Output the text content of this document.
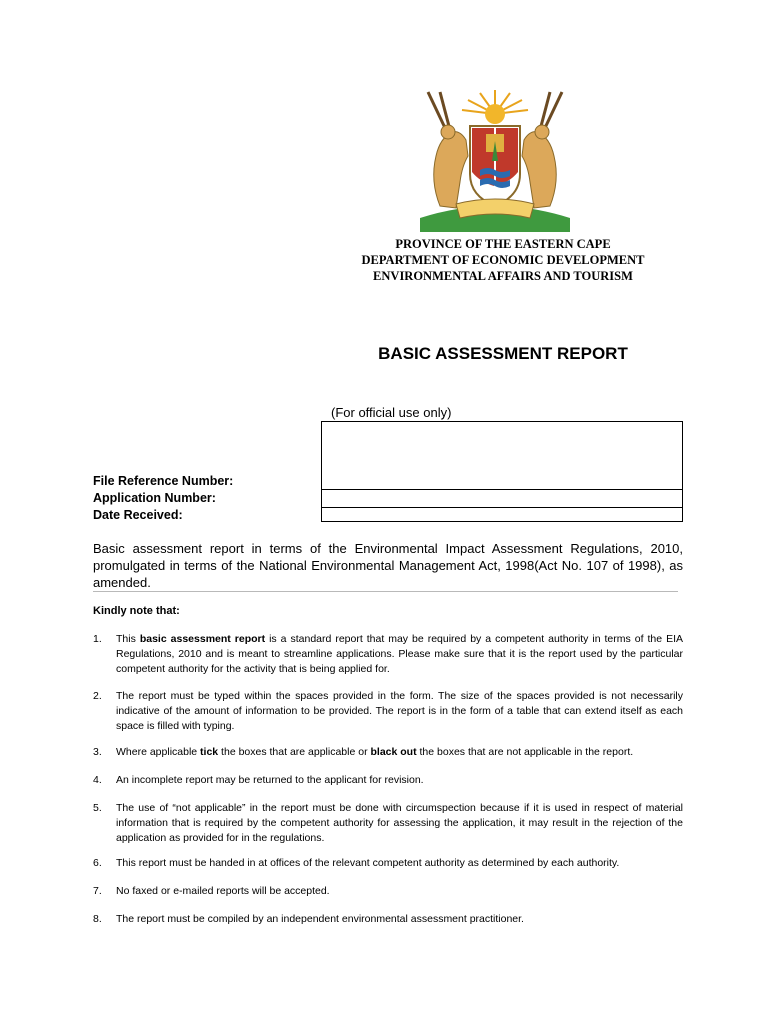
PROVINCE OF THE EASTERN CAPE
DEPARTMENT OF ECONOMIC DEVELOPMENT
ENVIRONMENTAL AFFAIRS AND TOURISM
BASIC ASSESSMENT REPORT
(For official use only)
File Reference Number:
Application Number:
Date Received:
Basic assessment report in terms of the Environmental Impact Assessment Regulations, 2010, promulgated in terms of the National Environmental Management Act, 1998(Act No. 107 of 1998), as amended.
Kindly note that:
1. This basic assessment report is a standard report that may be required by a competent authority in terms of the EIA Regulations, 2010 and is meant to streamline applications. Please make sure that it is the report used by the particular competent authority for the activity that is being applied for.
2. The report must be typed within the spaces provided in the form. The size of the spaces provided is not necessarily indicative of the amount of information to be provided. The report is in the form of a table that can extend itself as each space is filled with typing.
3. Where applicable tick the boxes that are applicable or black out the boxes that are not applicable in the report.
4. An incomplete report may be returned to the applicant for revision.
5. The use of “not applicable” in the report must be done with circumspection because if it is used in respect of material information that is required by the competent authority for assessing the application, it may result in the rejection of the application as provided for in the regulations.
6. This report must be handed in at offices of the relevant competent authority as determined by each authority.
7. No faxed or e-mailed reports will be accepted.
8. The report must be compiled by an independent environmental assessment practitioner.
